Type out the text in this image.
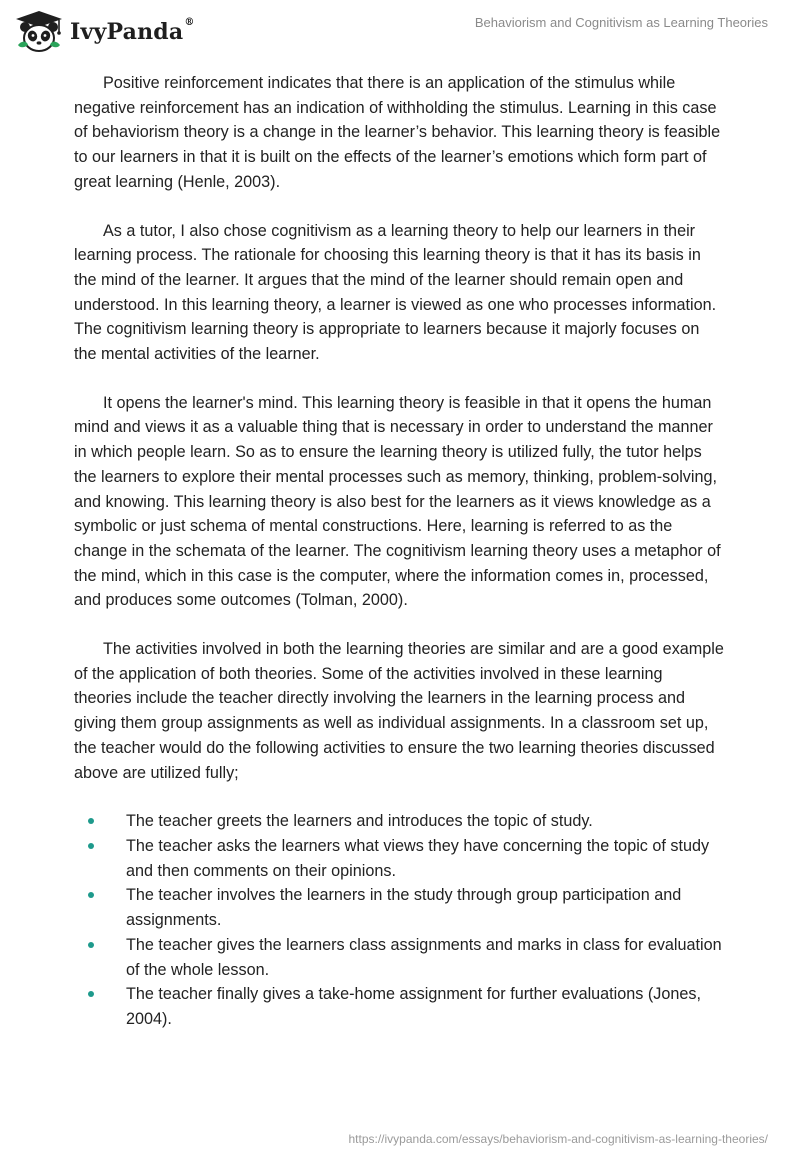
IvyPanda®	Behaviorism and Cognitivism as Learning Theories

Positive reinforcement indicates that there is an application of the stimulus while negative reinforcement has an indication of withholding the stimulus. Learning in this case of behaviorism theory is a change in the learner’s behavior. This learning theory is feasible to our learners in that it is built on the effects of the learner’s emotions which form part of great learning (Henle, 2003).

As a tutor, I also chose cognitivism as a learning theory to help our learners in their learning process. The rationale for choosing this learning theory is that it has its basis in the mind of the learner. It argues that the mind of the learner should remain open and understood. In this learning theory, a learner is viewed as one who processes information. The cognitivism learning theory is appropriate to learners because it majorly focuses on the mental activities of the learner.

It opens the learner's mind. This learning theory is feasible in that it opens the human mind and views it as a valuable thing that is necessary in order to understand the manner in which people learn. So as to ensure the learning theory is utilized fully, the tutor helps the learners to explore their mental processes such as memory, thinking, problem-solving, and knowing. This learning theory is also best for the learners as it views knowledge as a symbolic or just schema of mental constructions. Here, learning is referred to as the change in the schemata of the learner. The cognitivism learning theory uses a metaphor of the mind, which in this case is the computer, where the information comes in, processed, and produces some outcomes (Tolman, 2000).

The activities involved in both the learning theories are similar and are a good example of the application of both theories. Some of the activities involved in these learning theories include the teacher directly involving the learners in the learning process and giving them group assignments as well as individual assignments. In a classroom set up, the teacher would do the following activities to ensure the two learning theories discussed above are utilized fully;

The teacher greets the learners and introduces the topic of study.
The teacher asks the learners what views they have concerning the topic of study and then comments on their opinions.
The teacher involves the learners in the study through group participation and assignments.
The teacher gives the learners class assignments and marks in class for evaluation of the whole lesson.
The teacher finally gives a take-home assignment for further evaluations (Jones, 2004).
https://ivypanda.com/essays/behaviorism-and-cognitivism-as-learning-theories/
